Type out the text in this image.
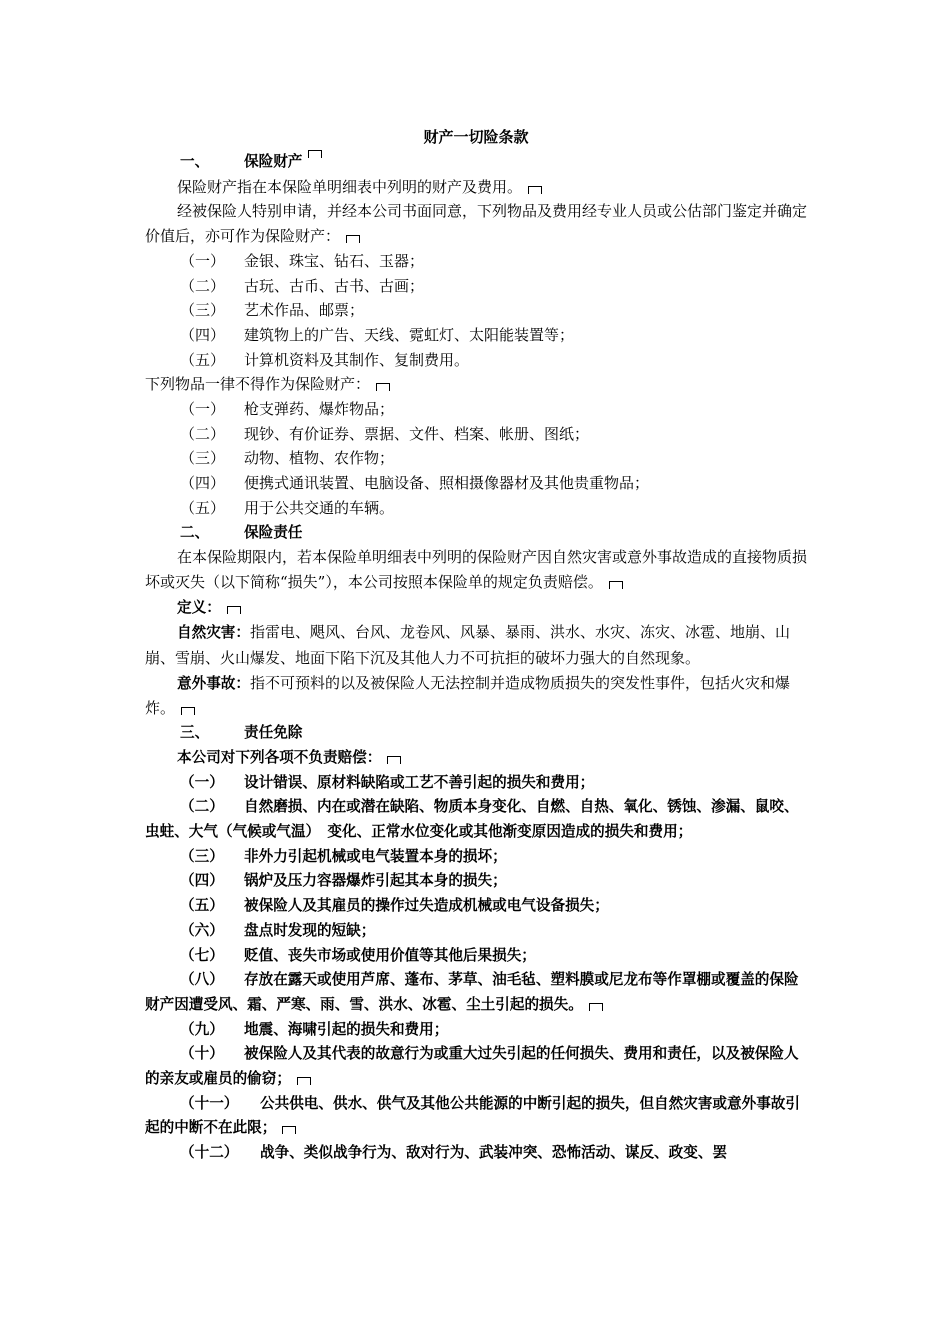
财产一切险条款
一、	保险财产

保险财产指在本保险单明细表中列明的财产及费用。

经被保险人特别申请，并经本公司书面同意，下列物品及费用经专业人员或公估部门鉴定并确定价值后，亦可作为保险财产：

（一）	金银、珠宝、钻石、玉器；
（二）	古玩、古币、古书、古画；
（三）	艺术作品、邮票；
（四）	建筑物上的广告、天线、霓虹灯、太阳能装置等；
（五）	计算机资料及其制作、复制费用。

下列物品一律不得作为保险财产：

（一）	枪支弹药、爆炸物品；
（二）	现钞、有价证券、票据、文件、档案、帐册、图纸；
（三）	动物、植物、农作物；
（四）	便携式通讯装置、电脑设备、照相摄像器材及其他贵重物品；
（五）	用于公共交通的车辆。
二、	保险责任

在本保险期限内，若本保险单明细表中列明的保险财产因自然灾害或意外事故造成的直接物质损坏或灭失（以下简称“损失”），本公司按照本保险单的规定负责赔偿。

定义：

自然灾害：指雷电、飓风、台风、龙卷风、风暴、暴雨、洪水、水灾、冻灾、冰雹、地崩、山崩、雪崩、火山爆发、地面下陷下沉及其他人力不可抗拒的破坏力强大的自然现象。

意外事故：指不可预料的以及被保险人无法控制并造成物质损失的突发性事件，包括火灾和爆炸。

三、	责任免除

本公司对下列各项不负责赔偿：

（一） 设计错误、原材料缺陷或工艺不善引起的损失和费用；

（二） 自然磨损、内在或潜在缺陷、物质本身变化、自燃、自热、氧化、锈蚀、渗漏、鼠咬、虫蛀、大气（气候或气温）　变化、正常水位变化或其他渐变原因造成的损失和费用；

（三） 非外力引起机械或电气装置本身的损坏；

（四） 锅炉及压力容器爆炸引起其本身的损失；

（五） 被保险人及其雇员的操作过失造成机械或电气设备损失；

（六） 盘点时发现的短缺；

（七） 贬值、丧失市场或使用价值等其他后果损失；

（八） 存放在露天或使用芦席、蓬布、茅草、油毛毡、塑料膜或尼龙布等作罩棚或覆盖的保险财产因遭受风、霜、严寒、雨、雪、洪水、冰雹、尘土引起的损失。

（九） 地震、海啸引起的损失和费用；

（十） 被保险人及其代表的故意行为或重大过失引起的任何损失、费用和责任，以及被保险人的亲友或雇员的偷窃；

（十一） 公共供电、供水、供气及其他公共能源的中断引起的损失，但自然灾害或意外事故引起的中断不在此限；

（十二） 战争、类似战争行为、敌对行为、武装冲突、恐怖活动、谋反、政变、罢
